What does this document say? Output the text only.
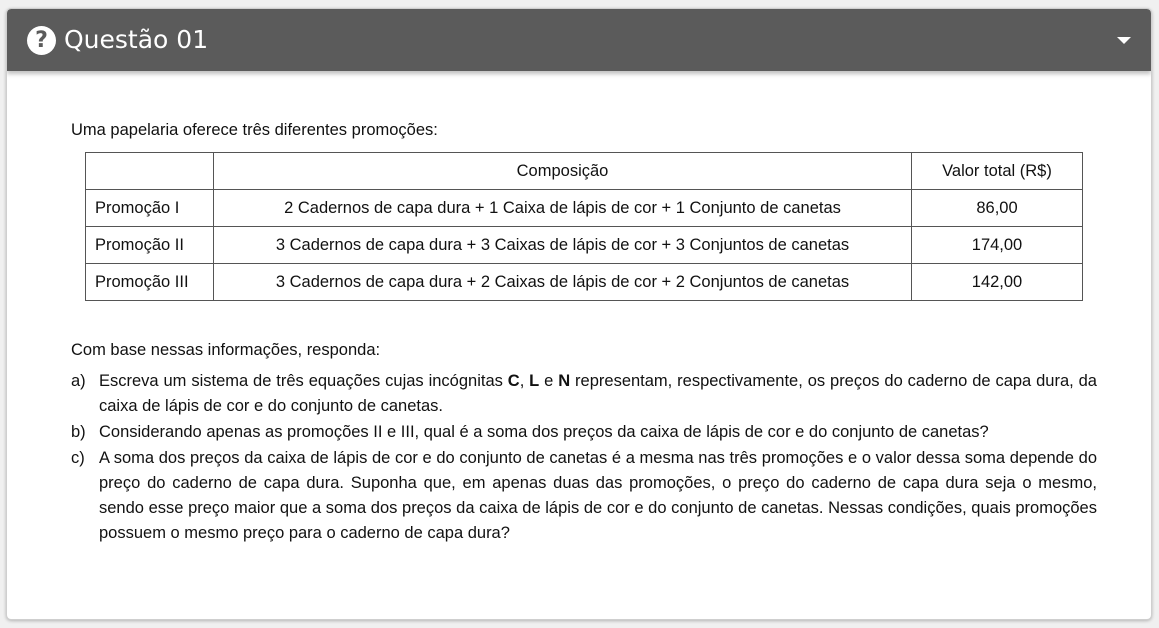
? Questão 01

Uma papelaria oferece três diferentes promoções:

	Composição	Valor total (R$)
Promoção I	2 Cadernos de capa dura + 1 Caixa de lápis de cor + 1 Conjunto de canetas	86,00
Promoção II	3 Cadernos de capa dura + 3 Caixas de lápis de cor + 3 Conjuntos de canetas	174,00
Promoção III	3 Cadernos de capa dura + 2 Caixas de lápis de cor + 2 Conjuntos de canetas	142,00

Com base nessas informações, responda:

a) Escreva um sistema de três equações cujas incógnitas C, L e N representam, respectivamente, os preços do caderno de capa dura, da caixa de lápis de cor e do conjunto de canetas.
b) Considerando apenas as promoções II e III, qual é a soma dos preços da caixa de lápis de cor e do conjunto de canetas?
c) A soma dos preços da caixa de lápis de cor e do conjunto de canetas é a mesma nas três promoções e o valor dessa soma depende do preço do caderno de capa dura. Suponha que, em apenas duas das promoções, o preço do caderno de capa dura seja o mesmo, sendo esse preço maior que a soma dos preços da caixa de lápis de cor e do conjunto de canetas. Nessas condições, quais promoções possuem o mesmo preço para o caderno de capa dura?
